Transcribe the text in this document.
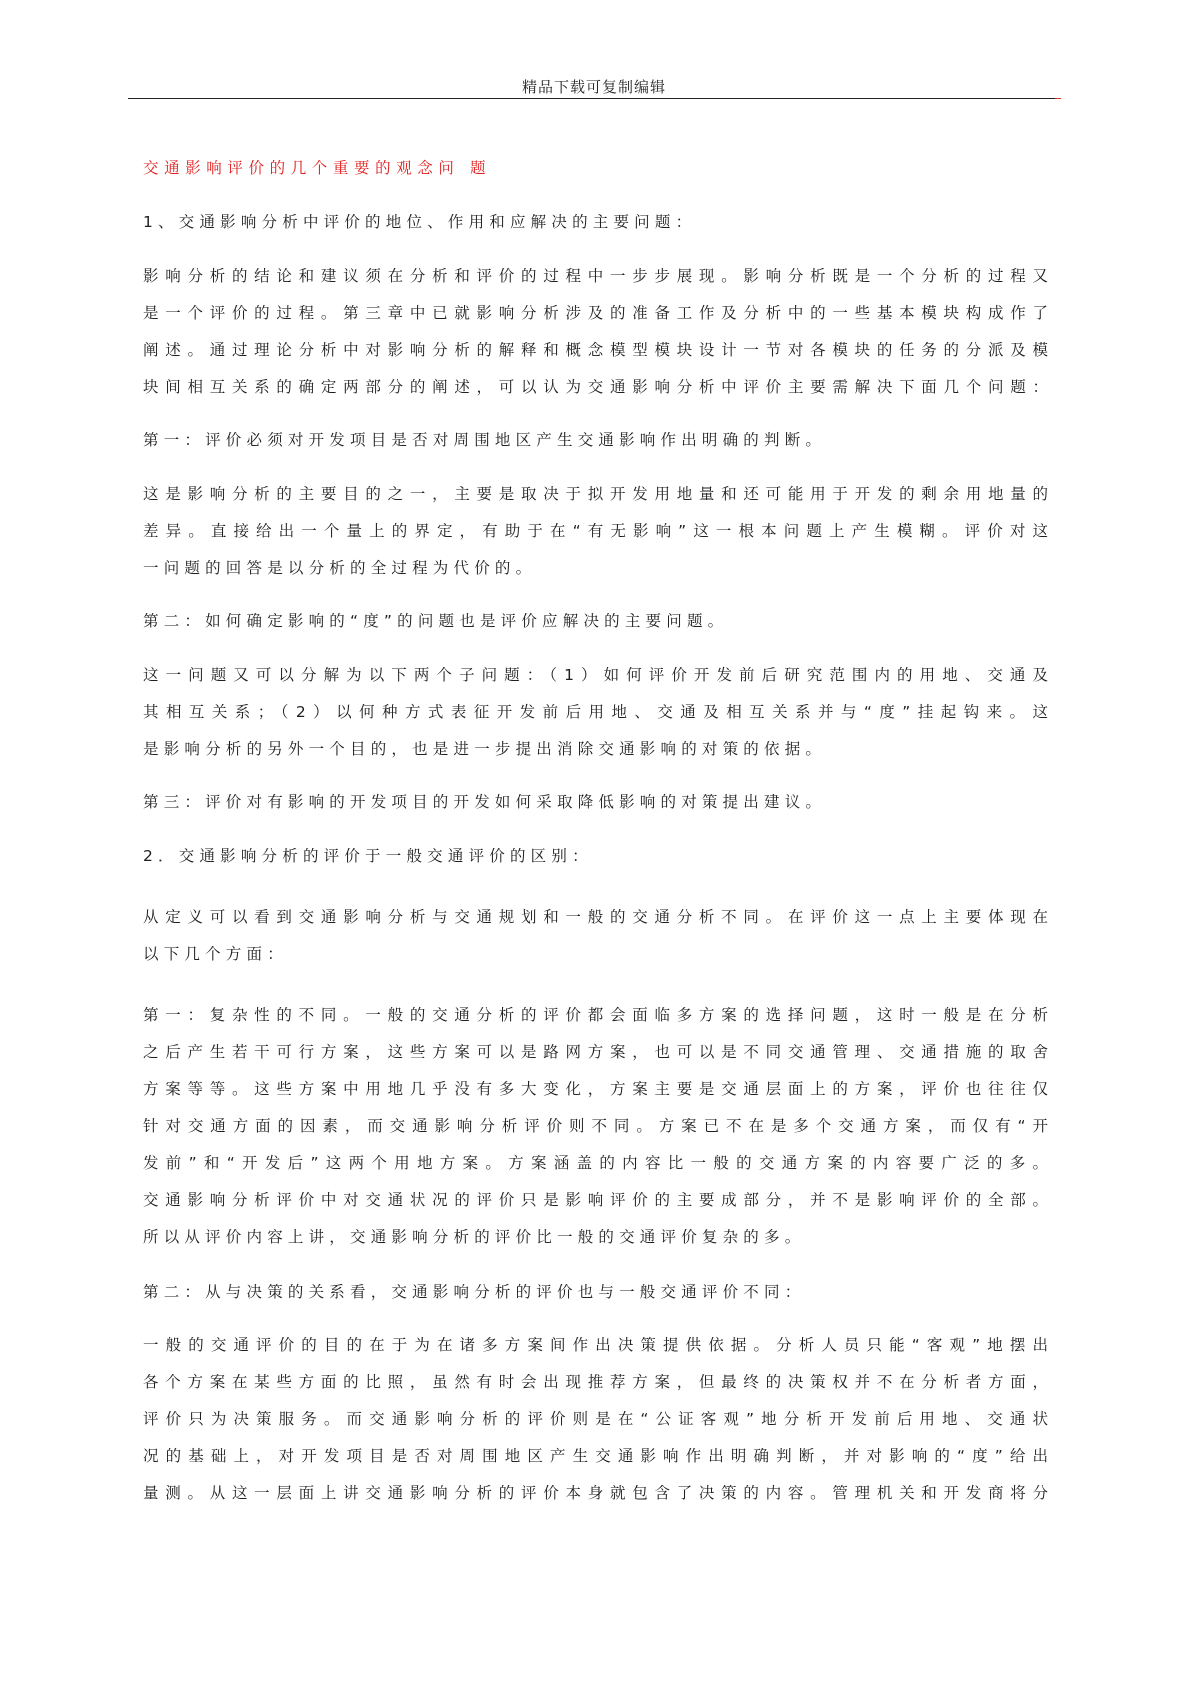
精品下载可复制编辑
交通影响评价的几个重要的观念问 题
1、交通影响分析中评价的地位、作用和应解决的主要问题：
影响分析的结论和建议须在分析和评价的过程中一步步展现。影响分析既是一个分析的过程又
是一个评价的过程。第三章中已就影响分析涉及的准备工作及分析中的一些基本模块构成作了
阐述。通过理论分析中对影响分析的解释和概念模型模块设计一节对各模块的任务的分派及模
块间相互关系的确定两部分的阐述，可以认为交通影响分析中评价主要需解决下面几个问题：
第一：评价必须对开发项目是否对周围地区产生交通影响作出明确的判断。
这是影响分析的主要目的之一，主要是取决于拟开发用地量和还可能用于开发的剩余用地量的
差异。直接给出一个量上的界定，有助于在“有无影响”这一根本问题上产生模糊。评价对这
一问题的回答是以分析的全过程为代价的。
第二：如何确定影响的“度”的问题也是评价应解决的主要问题。
这一问题又可以分解为以下两个子问题：（1）如何评价开发前后研究范围内的用地、交通及
其相互关系；（2）以何种方式表征开发前后用地、交通及相互关系并与“度”挂起钩来。这
是影响分析的另外一个目的，也是进一步提出消除交通影响的对策的依据。
第三：评价对有影响的开发项目的开发如何采取降低影响的对策提出建议。
2．交通影响分析的评价于一般交通评价的区别：
从定义可以看到交通影响分析与交通规划和一般的交通分析不同。在评价这一点上主要体现在
以下几个方面：
第一：复杂性的不同。一般的交通分析的评价都会面临多方案的选择问题，这时一般是在分析
之后产生若干可行方案，这些方案可以是路网方案，也可以是不同交通管理、交通措施的取舍
方案等等。这些方案中用地几乎没有多大变化，方案主要是交通层面上的方案，评价也往往仅
针对交通方面的因素，而交通影响分析评价则不同。方案已不在是多个交通方案，而仅有“开
发前”和“开发后”这两个用地方案。方案涵盖的内容比一般的交通方案的内容要广泛的多。
交通影响分析评价中对交通状况的评价只是影响评价的主要成部分，并不是影响评价的全部。
所以从评价内容上讲，交通影响分析的评价比一般的交通评价复杂的多。
第二：从与决策的关系看，交通影响分析的评价也与一般交通评价不同：
一般的交通评价的目的在于为在诸多方案间作出决策提供依据。分析人员只能“客观”地摆出
各个方案在某些方面的比照，虽然有时会出现推荐方案，但最终的决策权并不在分析者方面，
评价只为决策服务。而交通影响分析的评价则是在“公证客观”地分析开发前后用地、交通状
况的基础上，对开发项目是否对周围地区产生交通影响作出明确判断，并对影响的“度”给出
量测。从这一层面上讲交通影响分析的评价本身就包含了决策的内容。管理机关和开发商将分
